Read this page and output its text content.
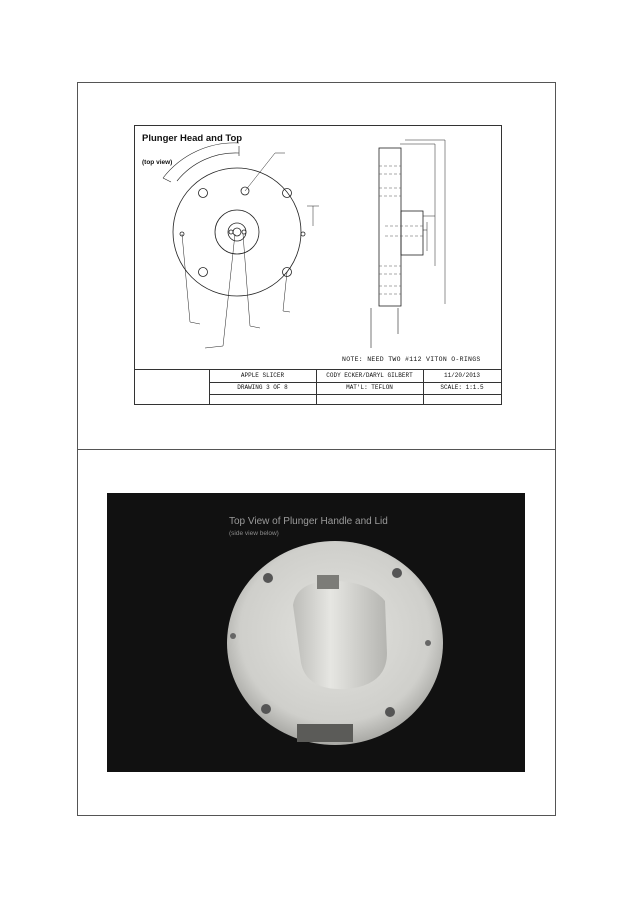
Plunger Head and Top
(top view)
NOTE: NEED TWO #112 VITON O-RINGS
APPLE SLICER	CODY ECKER/DARYL GILBERT	11/20/2013
DRAWING 3 OF 8	MAT'L: TEFLON	SCALE: 1:1.5
Top View of Plunger Handle and Lid
(side view below)
